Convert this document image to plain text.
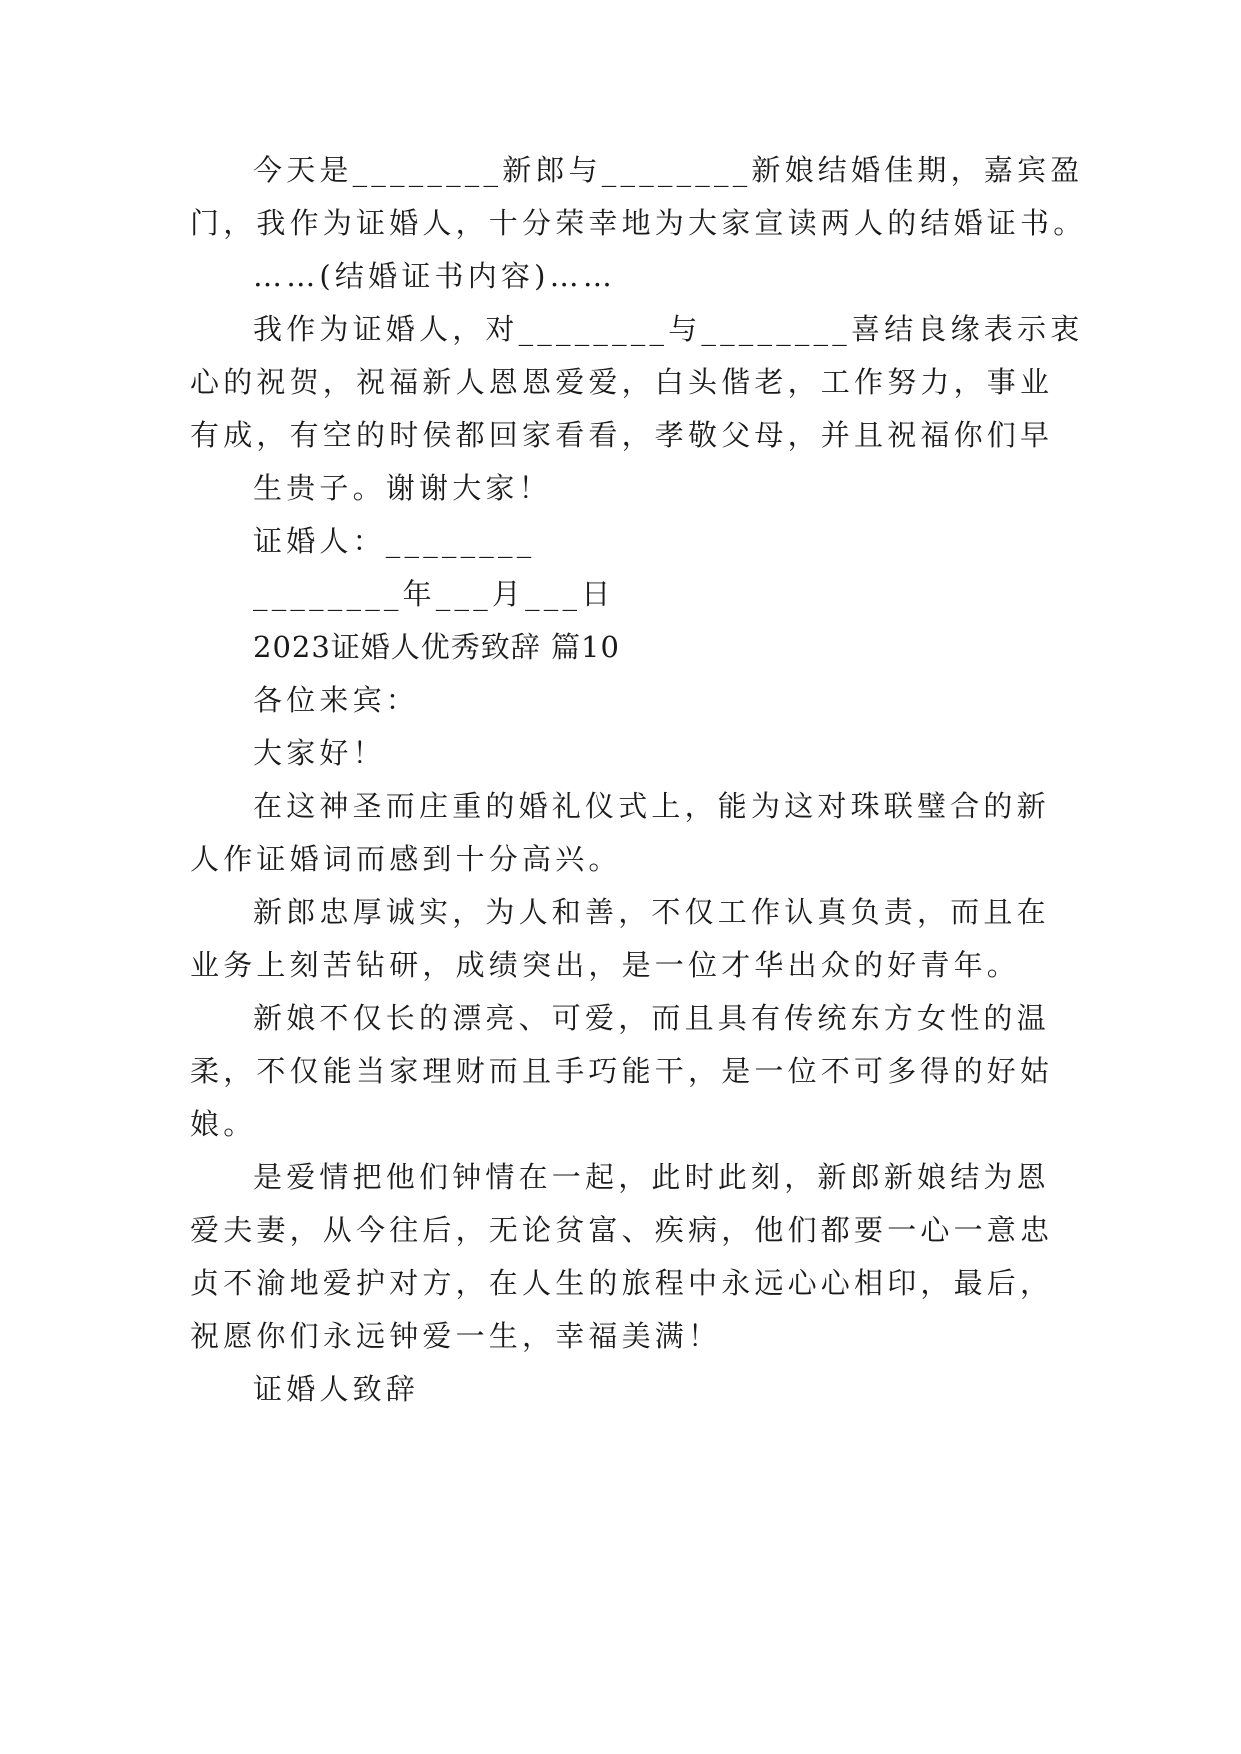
今天是________新郎与________新娘结婚佳期，嘉宾盈
门，我作为证婚人，十分荣幸地为大家宣读两人的结婚证书。
……(结婚证书内容)……
我作为证婚人，对________与________喜结良缘表示衷
心的祝贺，祝福新人恩恩爱爱，白头偕老，工作努力，事业
有成，有空的时侯都回家看看，孝敬父母，并且祝福你们早
生贵子。谢谢大家！
证婚人：________
________年___月___日
2023证婚人优秀致辞 篇10
各位来宾：
大家好！
在这神圣而庄重的婚礼仪式上，能为这对珠联璧合的新
人作证婚词而感到十分高兴。
新郎忠厚诚实，为人和善，不仅工作认真负责，而且在
业务上刻苦钻研，成绩突出，是一位才华出众的好青年。
新娘不仅长的漂亮、可爱，而且具有传统东方女性的温
柔，不仅能当家理财而且手巧能干，是一位不可多得的好姑
娘。
是爱情把他们钟情在一起，此时此刻，新郎新娘结为恩
爱夫妻，从今往后，无论贫富、疾病，他们都要一心一意忠
贞不渝地爱护对方，在人生的旅程中永远心心相印，最后，
祝愿你们永远钟爱一生，幸福美满！
证婚人致辞
